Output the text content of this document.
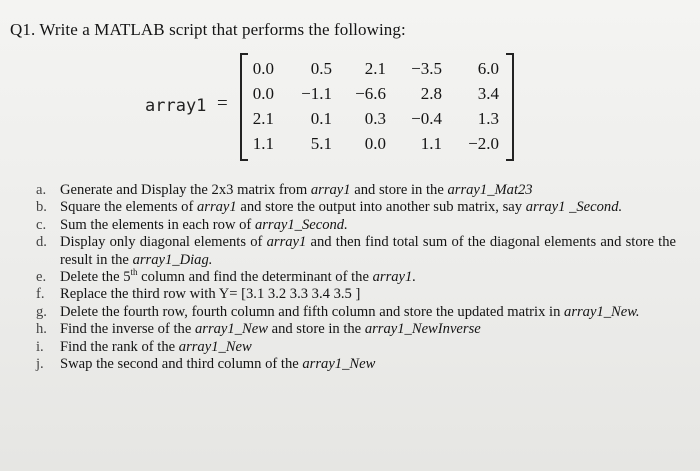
Q1. Write a MATLAB script that performs the following:
array1 =
0.0	0.5	2.1	−3.5	6.0
0.0	−1.1	−6.6	2.8	3.4
2.1	0.1	0.3	−0.4	1.3
1.1	5.1	0.0	1.1	−2.0
a. Generate and Display the 2x3 matrix from array1 and store in the array1_Mat23
b. Square the elements of array1 and store the output into another sub matrix, say array1 _Second.
c. Sum the elements in each row of array1_Second.
d. Display only diagonal elements of array1 and then find total sum of the diagonal elements and store the result in the array1_Diag.
e. Delete the 5th column and find the determinant of the array1.
f.	Replace the third row with Y= [3.1 3.2 3.3 3.4 3.5 ]
g. Delete the fourth row, fourth column and fifth column and store the updated matrix in array1_New.
h. Find the inverse of the array1_New and store in the array1_NewInverse
i.	Find the rank of the array1_New
j.	Swap the second and third column of the array1_New
